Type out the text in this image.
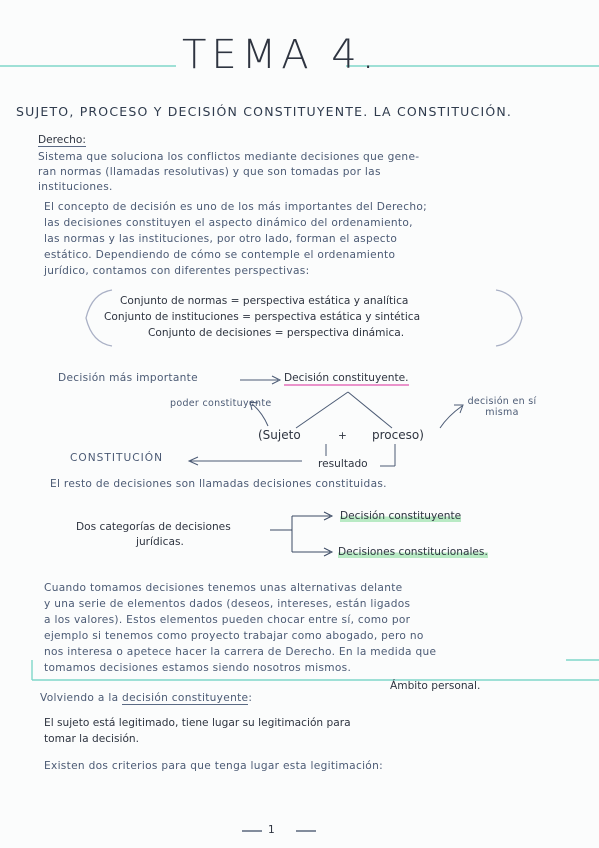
TEMA 4.
SUJETO, PROCESO Y DECISIÓN CONSTITUYENTE. LA CONSTITUCIÓN.
Derecho:
Sistema que soluciona los conflictos mediante decisiones que gene-
ran normas (llamadas resolutivas) y que son tomadas por las
instituciones.
El concepto de decisión es uno de los más importantes del Derecho;
las decisiones constituyen el aspecto dinámico del ordenamiento,
las normas y las instituciones, por otro lado, forman el aspecto
estático. Dependiendo de cómo se contemple el ordenamiento
jurídico, contamos con diferentes perspectivas:
Conjunto de normas = perspectiva estática y analítica
Conjunto de instituciones = perspectiva estática y sintética
Conjunto de decisiones = perspectiva dinámica.
Decisión más importante	Decisión constituyente.
poder constituyente	decisión en sí misma
(Sujeto	+ proceso)
CONSTITUCIÓN	resultado
El resto de decisiones son llamadas decisiones constituidas.
Dos categorías de decisiones
jurídicas.
Decisión constituyente
Decisiones constitucionales.
Cuando tomamos decisiones tenemos unas alternativas delante
y una serie de elementos dados (deseos, intereses, están ligados
a los valores). Estos elementos pueden chocar entre sí, como por
ejemplo si tenemos como proyecto trabajar como abogado, pero no
nos interesa o apetece hacer la carrera de Derecho. En la medida que
tomamos decisiones estamos siendo nosotros mismos.
Ámbito personal.
Volviendo a la decisión constituyente:
El sujeto está legitimado, tiene lugar su legitimación para
tomar la decisión.
Existen dos criterios para que tenga lugar esta legitimación:
1
